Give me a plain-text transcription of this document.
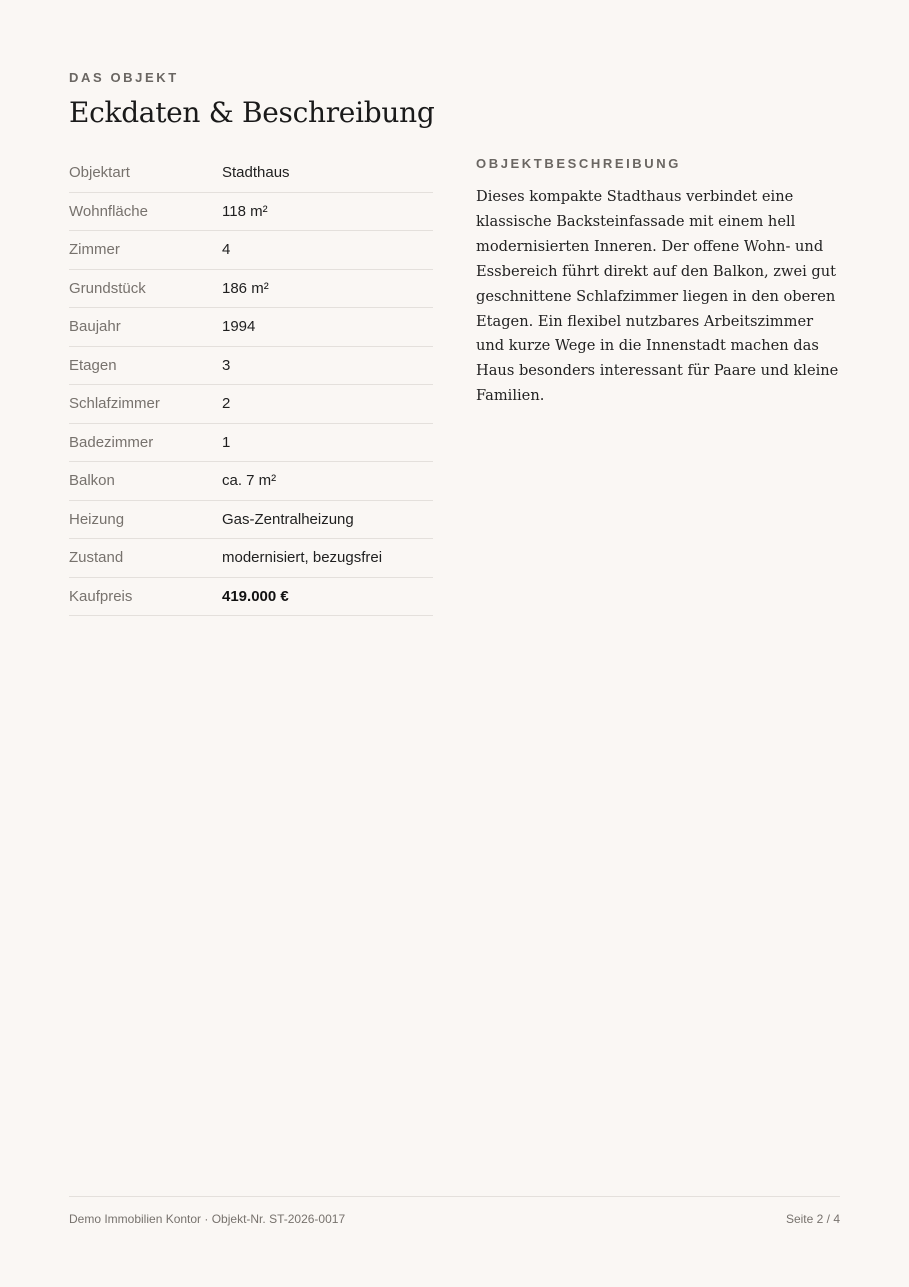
DAS OBJEKT
Eckdaten & Beschreibung
Objektart	Stadthaus
Wohnfläche	118 m²
Zimmer	4
Grundstück	186 m²
Baujahr	1994
Etagen	3
Schlafzimmer	2
Badezimmer	1
Balkon	ca. 7 m²
Heizung	Gas-Zentralheizung
Zustand	modernisiert, bezugsfrei
Kaufpreis	419.000 €
OBJEKTBESCHREIBUNG

Dieses kompakte Stadthaus verbindet eine klassische Backsteinfassade mit einem hell modernisierten Inneren. Der offene Wohn- und Essbereich führt direkt auf den Balkon, zwei gut geschnittene Schlafzimmer liegen in den oberen Etagen. Ein flexibel nutzbares Arbeitszimmer und kurze Wege in die Innenstadt machen das Haus besonders interessant für Paare und kleine Familien.

Demo Immobilien Kontor · Objekt-Nr. ST-2026-0017	Seite 2 / 4
